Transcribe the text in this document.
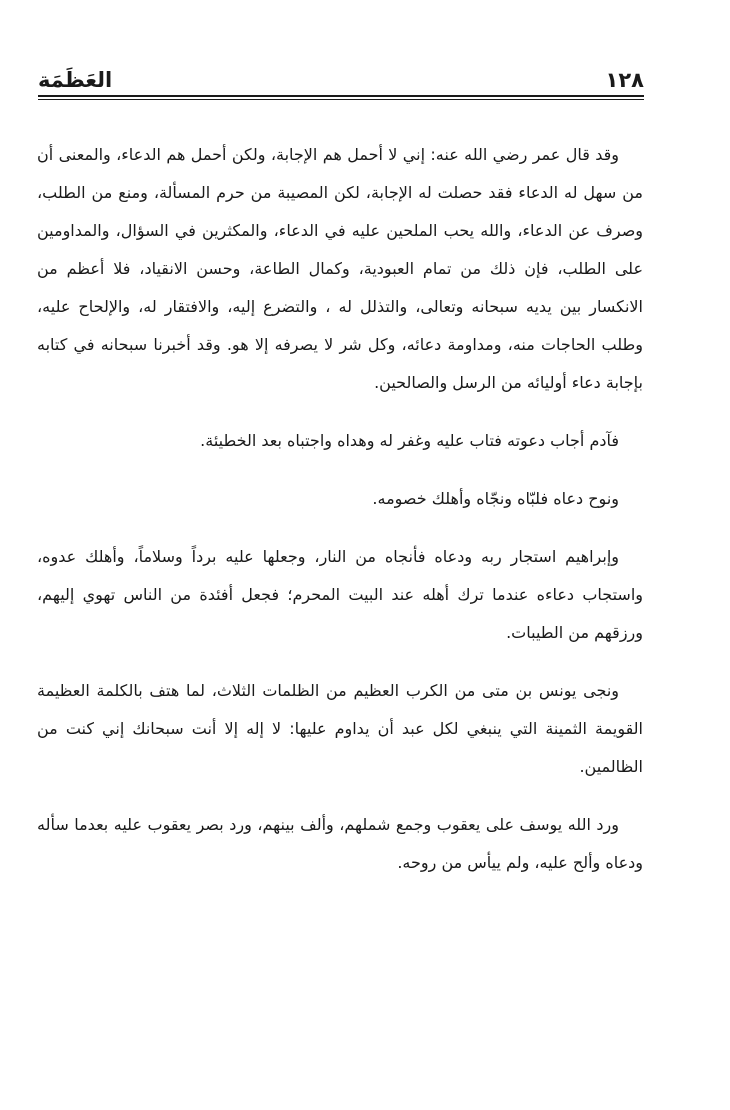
١٢٨
العَظَمَة

وقد قال عمر رضي الله عنه: إني لا أحمل هم الإجابة، ولكن أحمل هم الدعاء، والمعنى أن من سهل له الدعاء فقد حصلت له الإجابة، لكن المصيبة من حرم المسألة، ومنع من الطلب، وصرف عن الدعاء، والله يحب الملحين عليه في الدعاء، والمكثرين في السؤال، والمداومين على الطلب، فإن ذلك من تمام العبودية، وكمال الطاعة، وحسن الانقياد، فلا أعظم من الانكسار بين يديه سبحانه وتعالى، والتذلل له ، والتضرع إليه، والافتقار له، والإلحاح عليه، وطلب الحاجات منه، ومداومة دعائه، وكل شر لا يصرفه إلا هو. وقد أخبرنا سبحانه في كتابه بإجابة دعاء أوليائه من الرسل والصالحين.

فآدم أجاب دعوته فتاب عليه وغفر له وهداه واجتباه بعد الخطيئة.

ونوح دعاه فلبّاه ونجّاه وأهلك خصومه.

وإبراهيم استجار ربه ودعاه فأنجاه من النار، وجعلها عليه برداً وسلاماً، وأهلك عدوه، واستجاب دعاءه عندما ترك أهله عند البيت المحرم؛ فجعل أفئدة من الناس تهوي إليهم، ورزقهم من الطيبات.

ونجى يونس بن متى من الكرب العظيم من الظلمات الثلاث، لما هتف بالكلمة العظيمة القويمة الثمينة التي ينبغي لكل عبد أن يداوم عليها: لا إله إلا أنت سبحانك إني كنت من الظالمين.

ورد الله يوسف على يعقوب وجمع شملهم، وألف بينهم، ورد بصر يعقوب عليه بعدما سأله ودعاه وألح عليه، ولم ييأس من روحه.
